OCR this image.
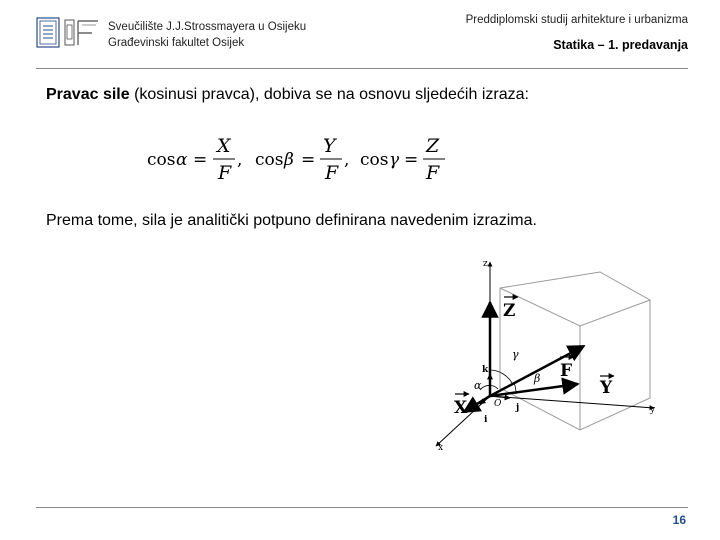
Sveučilište J.J.Strossmayera u Osijeku
Građevinski fakultet Osijek
Preddiplomski studij arhitekture i urbanizma
Statika – 1. predavanja
Pravac sile (kosinusi pravca), dobiva se na osnovu sljedećih izraza:
cos α =
X
F
, cos β =
Y
F
, cos γ =
Z
F
Prema tome, sila je analitički potpuno definirana navedenim izrazima.
z
y
x
Z
F
Y
X
k
j
i
γ
β
α
O
16
